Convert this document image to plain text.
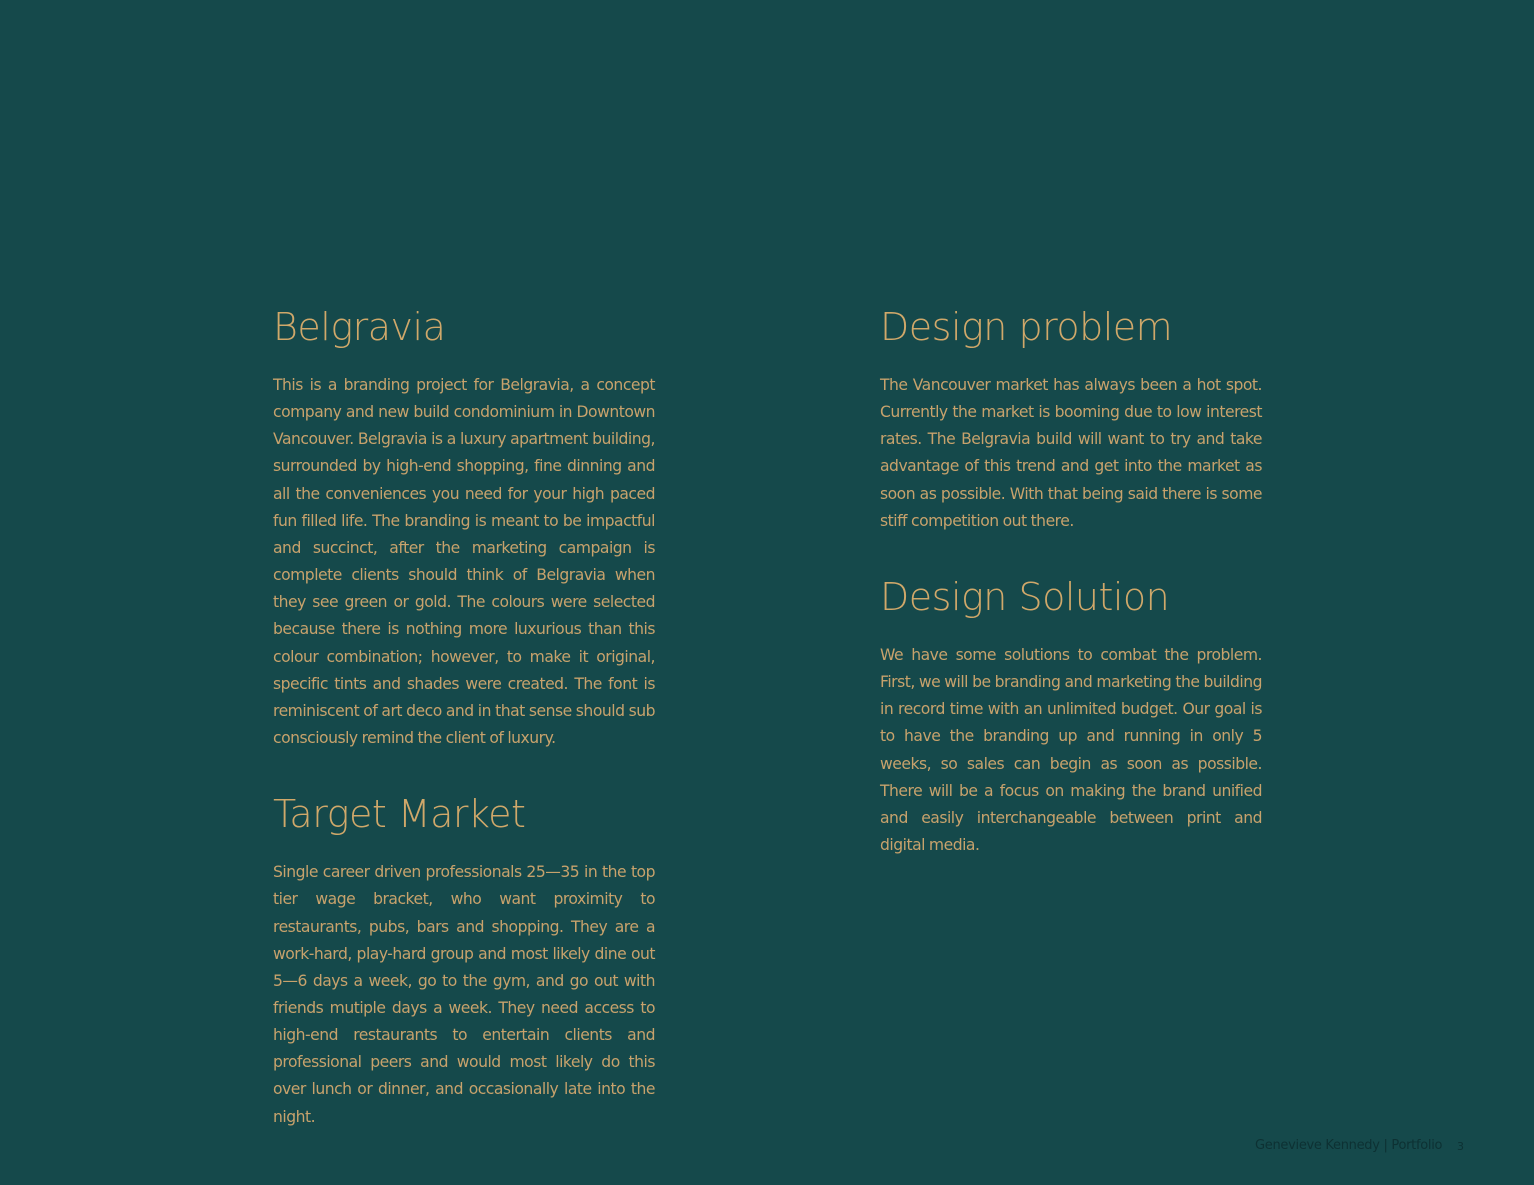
Belgravia

This is a branding project for Belgravia, a concept company and new build condominium in Downtown Vancouver. Belgravia is a luxury apartment building, surrounded by high-end shopping, fine dinning and all the conveniences you need for your high paced fun filled life. The branding is meant to be impactful and succinct, after the marketing campaign is complete clients should think of Belgravia when they see green or gold. The colours were selected because there is nothing more luxurious than this colour combination; however, to make it original, specific tints and shades were created. The font is reminiscent of art deco and in that sense should sub consciously remind the client of luxury.

Target Market

Single career driven professionals 25—35 in the top tier wage bracket, who want proximity to restaurants, pubs, bars and shopping. They are a work-hard, play-hard group and most likely dine out 5—6 days a week, go to the gym, and go out with friends mutiple days a week. They need access to high-end restaurants to entertain clients and professional peers and would most likely do this over lunch or dinner, and occasionally late into the night.

Design problem

The Vancouver market has always been a hot spot. Currently the market is booming due to low interest rates. The Belgravia build will want to try and take advantage of this trend and get into the market as soon as possible. With that being said there is some stiff competition out there.

Design Solution

We have some solutions to combat the problem. First, we will be branding and marketing the building in record time with an unlimited budget. Our goal is to have the branding up and running in only 5 weeks, so sales can begin as soon as possible. There will be a focus on making the brand unified and easily interchangeable between print and digital media.

Genevieve Kennedy | Portfolio 3
